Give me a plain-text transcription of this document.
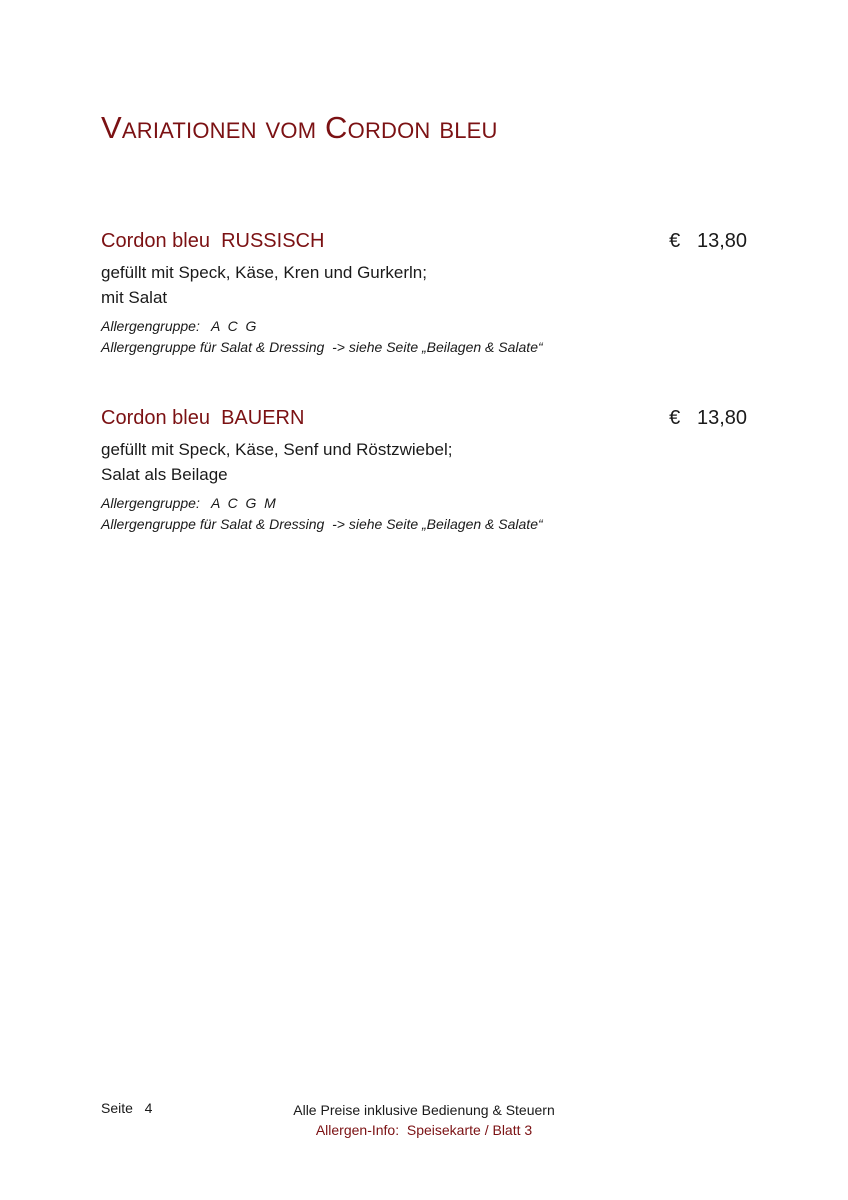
Variationen vom Cordon bleu
Cordon bleu  RUSSISCH	€   13,80
gefüllt mit Speck, Käse, Kren und Gurkerln;
mit Salat
Allergengruppe:   A  C  G
Allergengruppe für Salat & Dressing  -> siehe Seite „Beilagen & Salate“
Cordon bleu  BAUERN	€   13,80
gefüllt mit Speck, Käse, Senf und Röstzwiebel;
Salat als Beilage
Allergengruppe:   A  C  G  M
Allergengruppe für Salat & Dressing  -> siehe Seite „Beilagen & Salate“
Seite   4	Alle Preise inklusive Bedienung & Steuern
Allergen-Info:  Speisekarte / Blatt 3
